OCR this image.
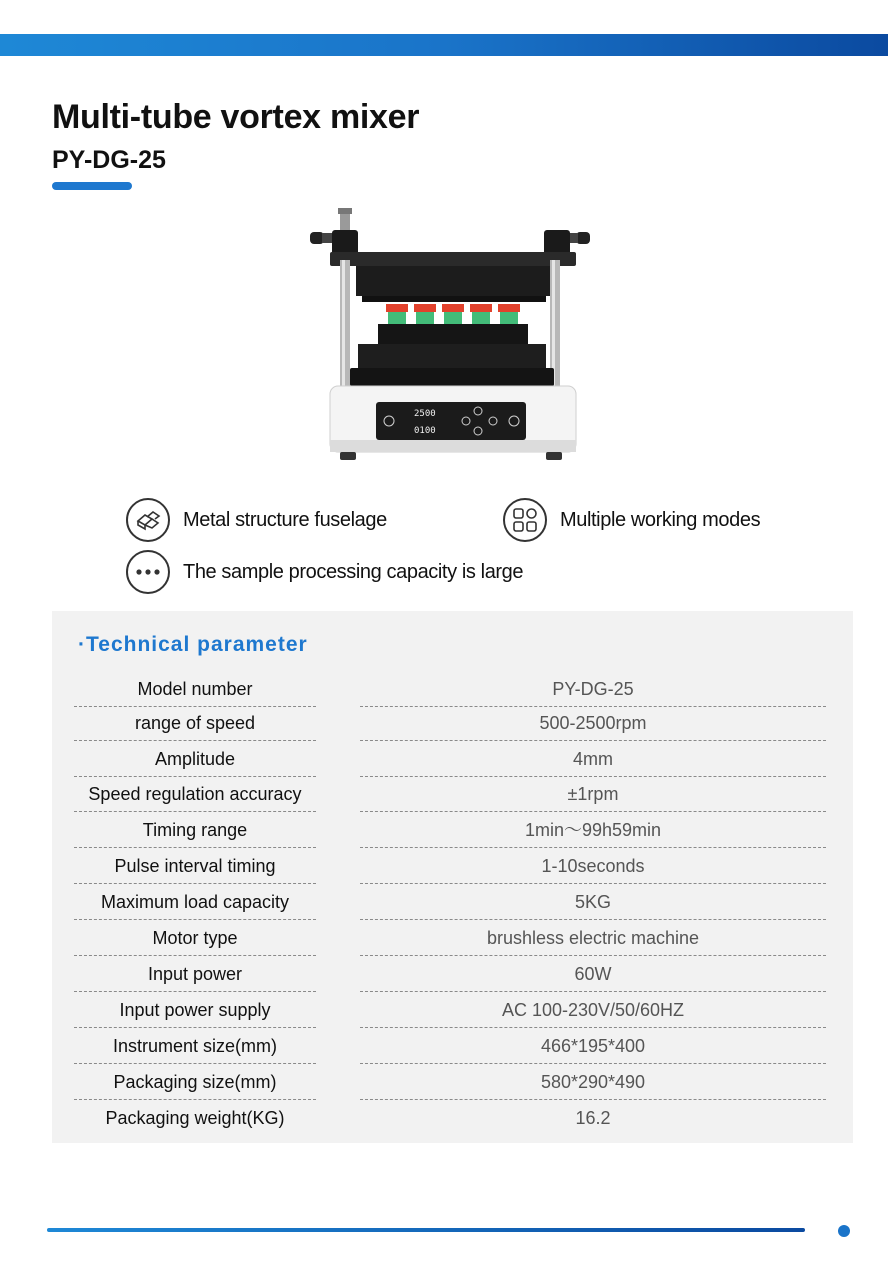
Multi-tube vortex mixer
PY-DG-25
2500
0100
Metal structure fuselage	Multiple working modes
The sample processing capacity is large
·Technical parameter
Model number	PY-DG-25
range of speed	500-2500rpm
Amplitude	4mm
Speed regulation accuracy	±1rpm
Timing range	1min～99h59min
Pulse interval timing	1-10seconds
Maximum load capacity	5KG
Motor type	brushless electric machine
Input power	60W
Input power supply	AC 100-230V/50/60HZ
Instrument size(mm)	466*195*400
Packaging size(mm)	580*290*490
Packaging weight(KG)	16.2
